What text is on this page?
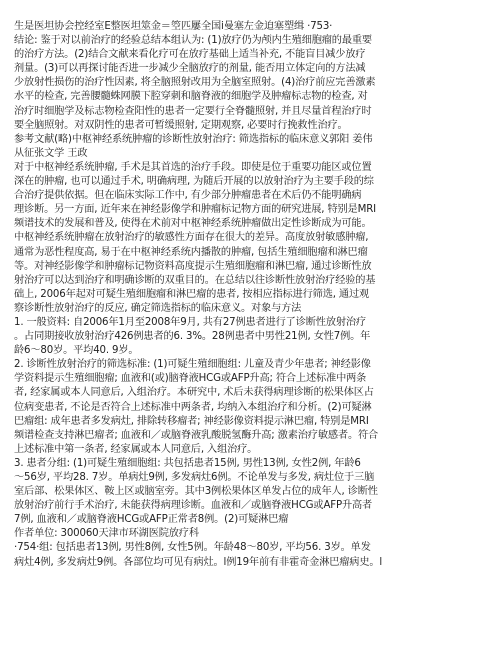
生是医坦协会控经室E整医坦筮金＝箜匹屢全国i曼塞左金迫塞塑缉 ·753·
结论: 鉴于对以前治疗的经验总结本组认为: (1)放疗仍为颅内生殖细胞瘤的最重要
的治疗方法。(2)结合文献来看化疗可在放疗基础上适当补充, 不能盲目减少放疗
剂量。(3)可以再探讨能否进一步减少全脑放疗的剂量, 能否用立体定向的方法减
少放射性损伤的治疗性因素, 将全脑照射改用为全脑室照射。(4)治疗前应完善激素
水平的检查, 完善腰髓蛛网膜下腔穿刺和脑脊液的细胞学及肿瘤标志物的检查, 对
治疗时细胞学及标志物检查阳性的患者一定要行全脊髓照射, 并且尽量首程治疗时
要全脑照射。对双阴性的患者可暂缓照射, 定期观察, 必要时行挽救性治疗。
参考文献(略)中枢神经系统肿瘤的诊断性放射治疗: 筛选指标的临床意义郭阳 姜伟
从征张文学 王政
对于中枢神经系统肿瘤, 手术是其首选的治疗手段。即使是位于重要功能区或位置
深在的肿瘤, 也可以通过手术, 明确病理, 为随后开展的以放射治疗为主要手段的综
合治疗提供依据。但在临床实际工作中, 有少部分肿瘤患者在术后仍不能明确病
理诊断。另一方面, 近年来在神经影像学和肿瘤标记物方面的研究进展, 特别是MRI
频谱技术的发展和普及, 使得在术前对中枢神经系统肿瘤做出定性诊断成为可能。
中枢神经系统肿瘤在放射治疗的敏感性方面存在很大的差异。高度放射敏感肿瘤,
通常为恶性程度高, 易于在中枢神经系统内播散的肿瘤, 包括生殖细胞瘤和淋巴瘤
等。对神经影像学和肿瘤标记物资料高度提示生殖细胞瘤和淋巴瘤, 通过诊断性放
射治疗可以达到治疗和明确诊断的双重目的。在总结以往诊断性放射治疗经验的基
础上, 2006年起对可疑生殖细胞瘤和淋巴瘤的患者, 按相应指标进行筛选, 通过观
察诊断性放射治疗的反应, 确定筛选指标的临床意义。对象与方法
1. 一般资料: 自2006年1月至2008年9月, 共有27例患者进行了诊断性放射治疗
。占同期接收放射治疗426例患者的6. 3%。28例患者中男性21例, 女性7例。年
龄6～80岁。平均40. 9岁。
2. 诊断性放射治疗的筛选标准: (1)可疑生殖细胞组: 儿童及青少年患者; 神经影像
学资料提示生殖细胞瘤; 血液和(或)脑脊液HCG或AFP升高; 符合上述标准中两条
者, 经家属或本人同意后, 入组治疗。本研究中, 术后未获得病理诊断的松果体区占
位病变患者, 不论是否符合上述标准中两条者, 均纳入本组治疗和分析。(2)可疑淋
巴瘤组: 成年患者多发病灶, 排除转移瘤者; 神经影像资料提示淋巴瘤, 特别是MRI
频谱检查支持淋巴瘤者; 血液和／或脑脊液乳酸脱氢酶升高; 激素治疗敏感者。符合
上述标准中第一条者, 经家属或本人同意后, 入组治疗。
3. 患者分组: (1)可疑生殖细胞组: 共包括患者15例, 男性13例, 女性2例, 年龄6
～56岁, 平均28. 7岁。单病灶9例, 多发病灶6例。不论单发与多发, 病灶位于三脑
室后部、松果体区、鞍上区或脑室旁。其中3例松果体区单发占位的成年人, 诊断性
放射治疗前行手术治疗, 未能获得病理诊断。血液和／或脑脊液HCG或AFP升高者
7例, 血液和／或脑脊液HCG或AFP正常者8例。(2)可疑淋巴瘤
作者单位: 300060天津市环湖医院放疗科
·754·组: 包括患者13例, 男性8例, 女性5例。年龄48～80岁, 平均56. 3岁。单发
病灶4例, 多发病灶9例。各部位均可见有病灶。l例19年前有非霍奇金淋巴瘤病史。l
